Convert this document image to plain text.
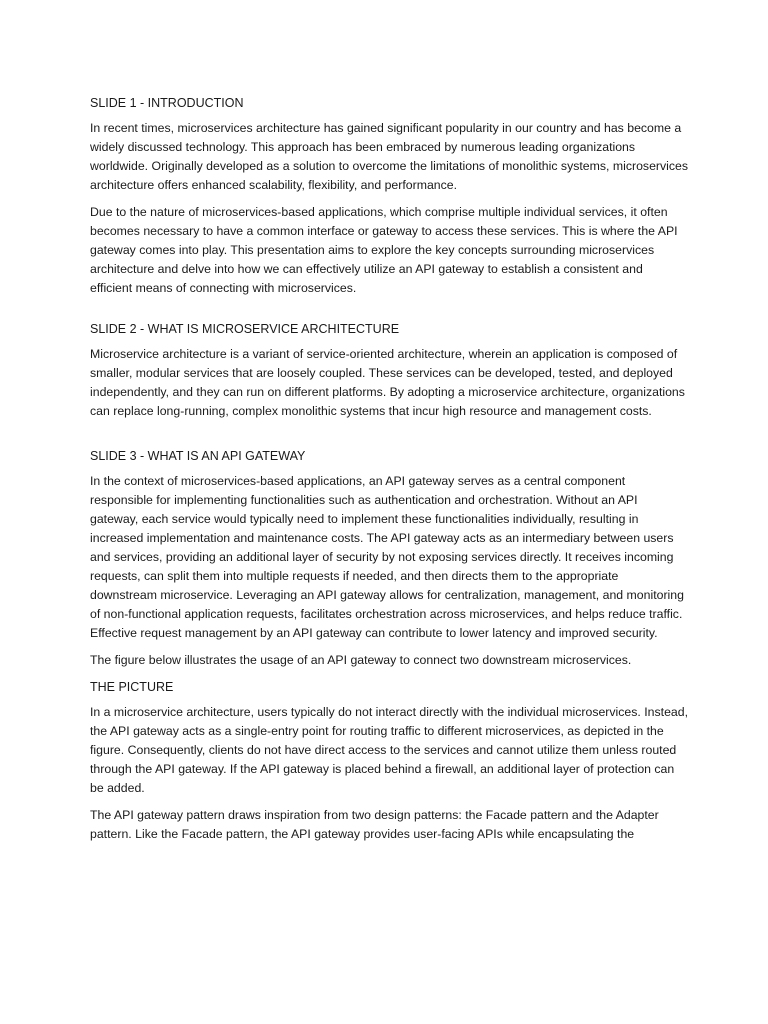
SLIDE 1 - INTRODUCTION

In recent times, microservices architecture has gained significant popularity in our country and has become a widely discussed technology. This approach has been embraced by numerous leading organizations worldwide. Originally developed as a solution to overcome the limitations of monolithic systems, microservices architecture offers enhanced scalability, flexibility, and performance.

Due to the nature of microservices-based applications, which comprise multiple individual services, it often becomes necessary to have a common interface or gateway to access these services. This is where the API gateway comes into play. This presentation aims to explore the key concepts surrounding microservices architecture and delve into how we can effectively utilize an API gateway to establish a consistent and efficient means of connecting with microservices.

SLIDE 2 - WHAT IS MICROSERVICE ARCHITECTURE

Microservice architecture is a variant of service-oriented architecture, wherein an application is composed of smaller, modular services that are loosely coupled. These services can be developed, tested, and deployed independently, and they can run on different platforms. By adopting a microservice architecture, organizations can replace long-running, complex monolithic systems that incur high resource and management costs.

SLIDE 3 - WHAT IS AN API GATEWAY

In the context of microservices-based applications, an API gateway serves as a central component responsible for implementing functionalities such as authentication and orchestration. Without an API gateway, each service would typically need to implement these functionalities individually, resulting in increased implementation and maintenance costs. The API gateway acts as an intermediary between users and services, providing an additional layer of security by not exposing services directly. It receives incoming requests, can split them into multiple requests if needed, and then directs them to the appropriate downstream microservice. Leveraging an API gateway allows for centralization, management, and monitoring of non-functional application requests, facilitates orchestration across microservices, and helps reduce traffic. Effective request management by an API gateway can contribute to lower latency and improved security.

The figure below illustrates the usage of an API gateway to connect two downstream microservices.

THE PICTURE

In a microservice architecture, users typically do not interact directly with the individual microservices. Instead, the API gateway acts as a single-entry point for routing traffic to different microservices, as depicted in the figure. Consequently, clients do not have direct access to the services and cannot utilize them unless routed through the API gateway. If the API gateway is placed behind a firewall, an additional layer of protection can be added.

The API gateway pattern draws inspiration from two design patterns: the Facade pattern and the Adapter pattern. Like the Facade pattern, the API gateway provides user-facing APIs while encapsulating the
